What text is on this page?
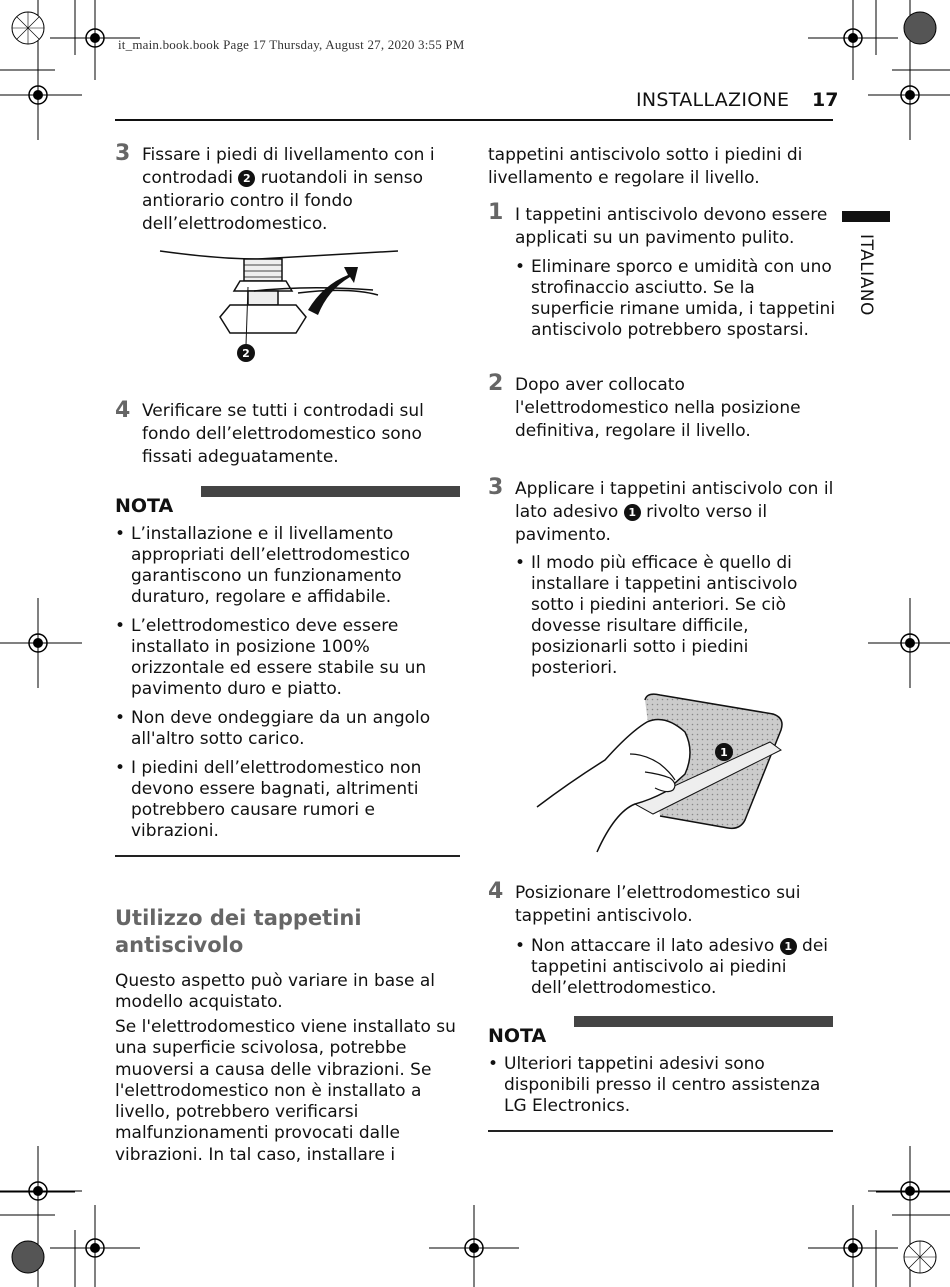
it_main.book.book Page 17 Thursday, August 27, 2020 3:55 PM
INSTALLAZIONE 17
ITALIANO
3 Fissare i piedi di livellamento con i
controdadi 2 ruotandoli in senso
antiorario contro il fondo
dell’elettrodomestico.
2
4 Verificare se tutti i controdadi sul
fondo dell’elettrodomestico sono
fissati adeguatamente.
NOTA
• L’installazione e il livellamento
appropriati dell’elettrodomestico
garantiscono un funzionamento
duraturo, regolare e affidabile.
• L’elettrodomestico deve essere
installato in posizione 100%
orizzontale ed essere stabile su un
pavimento duro e piatto.
• Non deve ondeggiare da un angolo
all'altro sotto carico.
• I piedini dell’elettrodomestico non
devono essere bagnati, altrimenti
potrebbero causare rumori e
vibrazioni.
Utilizzo dei tappetini
antiscivolo
Questo aspetto può variare in base al
modello acquistato.
Se l'elettrodomestico viene installato su
una superficie scivolosa, potrebbe
muoversi a causa delle vibrazioni. Se
l'elettrodomestico non è installato a
livello, potrebbero verificarsi
malfunzionamenti provocati dalle
vibrazioni. In tal caso, installare i
tappetini antiscivolo sotto i piedini di
livellamento e regolare il livello.
1 I tappetini antiscivolo devono essere
applicati su un pavimento pulito.
• Eliminare sporco e umidità con uno
strofinaccio asciutto. Se la
superficie rimane umida, i tappetini
antiscivolo potrebbero spostarsi.
2 Dopo aver collocato
l'elettrodomestico nella posizione
definitiva, regolare il livello.
3 Applicare i tappetini antiscivolo con il
lato adesivo 1 rivolto verso il
pavimento.
• Il modo più efficace è quello di
installare i tappetini antiscivolo
sotto i piedini anteriori. Se ciò
dovesse risultare difficile,
posizionarli sotto i piedini
posteriori.
1
4 Posizionare l’elettrodomestico sui
tappetini antiscivolo.
• Non attaccare il lato adesivo 1 dei
tappetini antiscivolo ai piedini
dell’elettrodomestico.
NOTA
• Ulteriori tappetini adesivi sono
disponibili presso il centro assistenza
LG Electronics.
